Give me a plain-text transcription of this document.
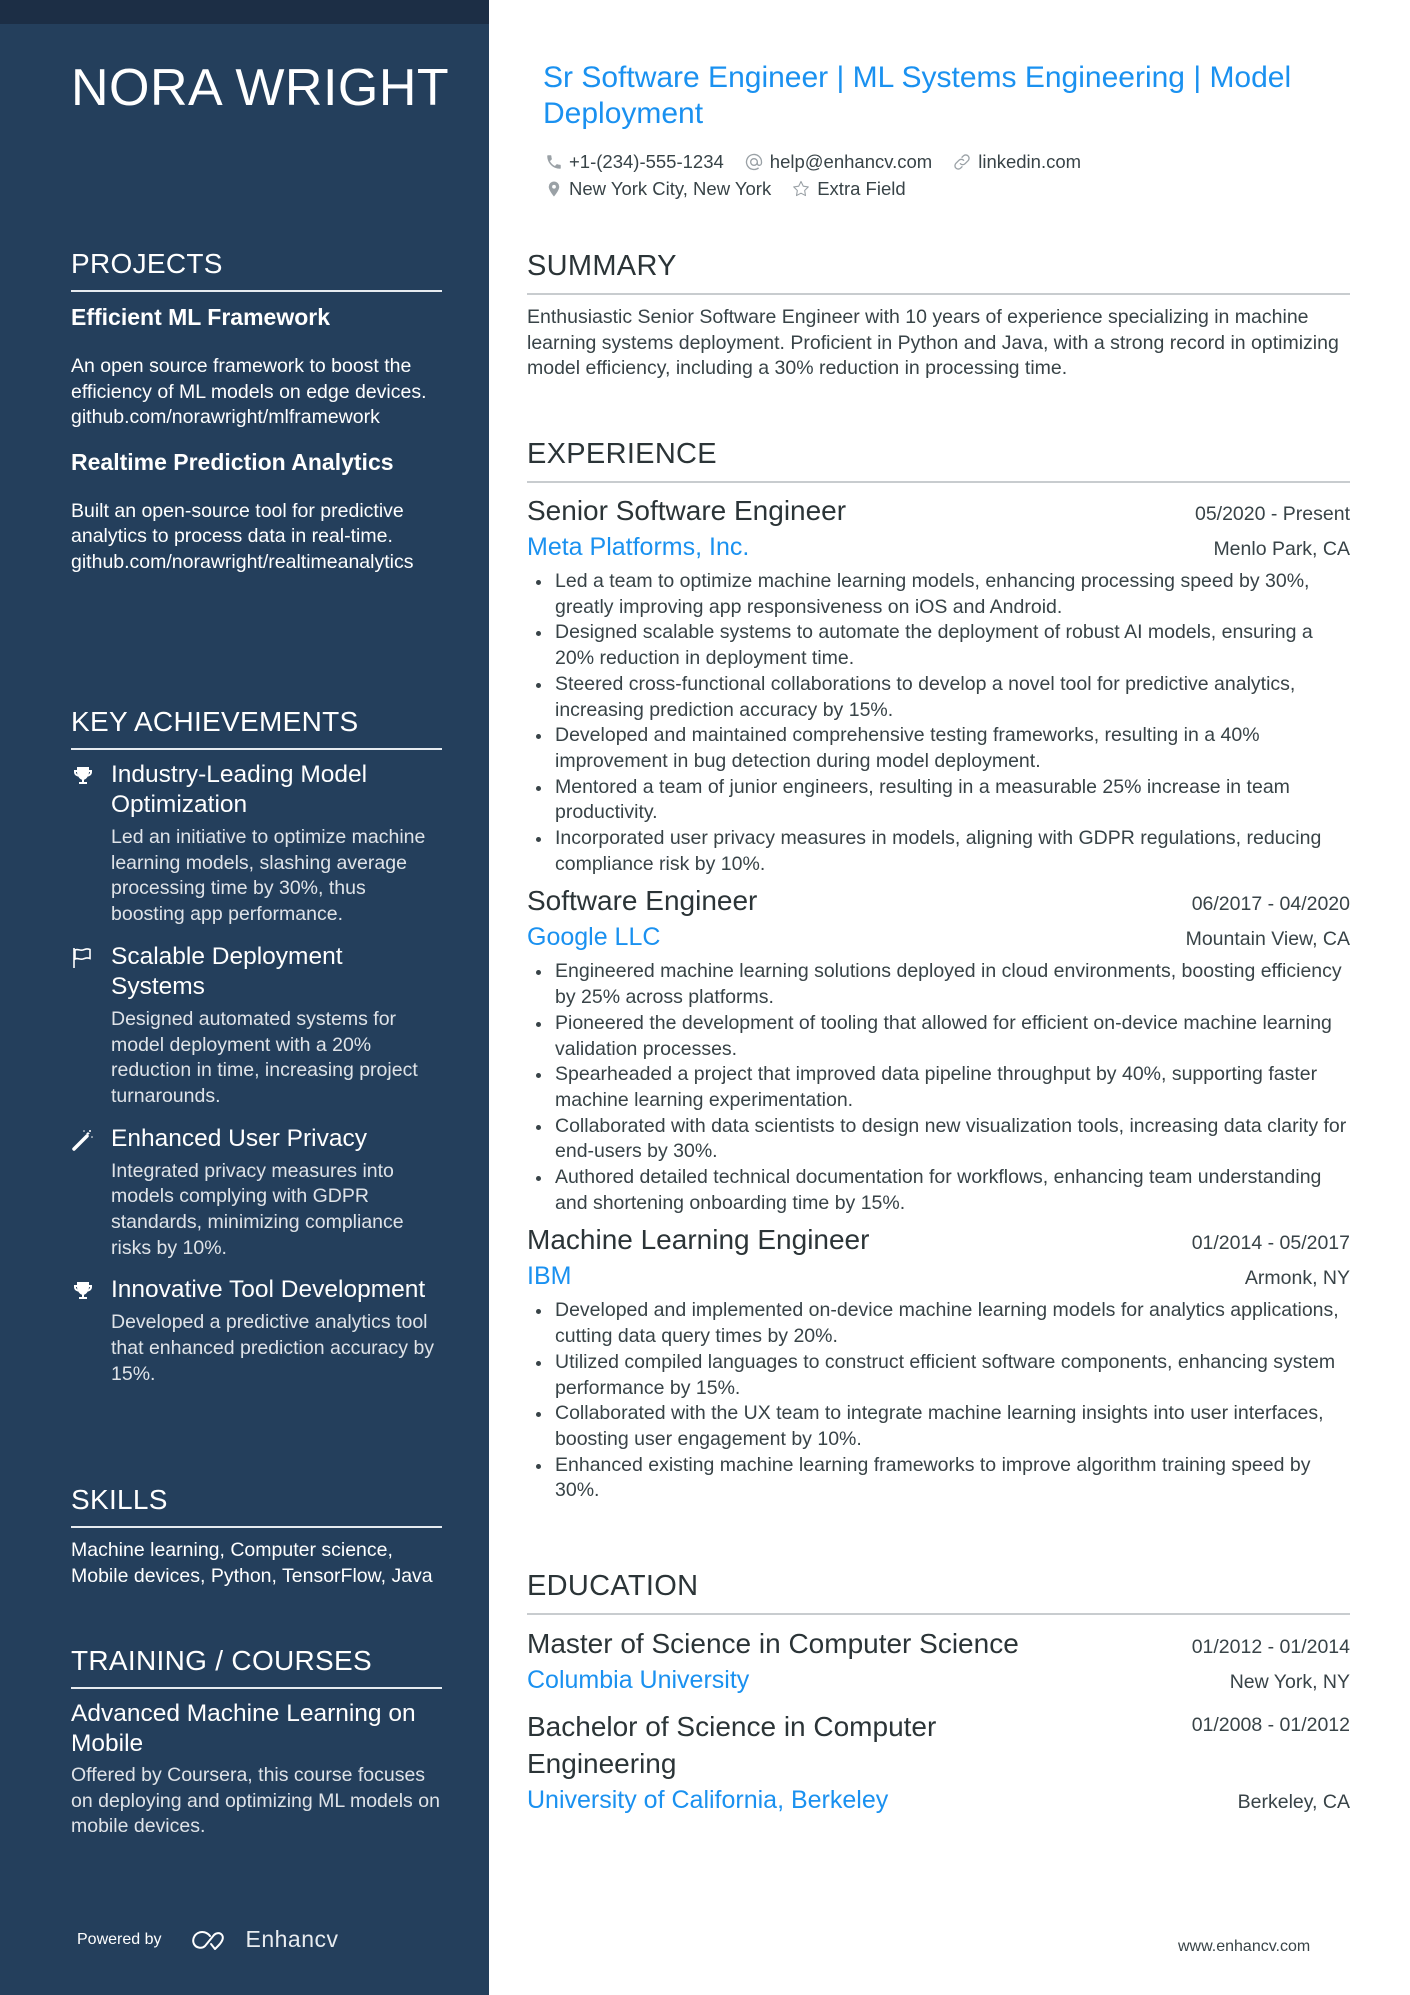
NORA WRIGHT
PROJECTS
Efficient ML Framework
An open source framework to boost the efficiency of ML models on edge devices.
github.com/norawright/mlframework
Realtime Prediction Analytics
Built an open-source tool for predictive analytics to process data in real-time.
github.com/norawright/realtimeanalytics
KEY ACHIEVEMENTS
Industry-Leading Model Optimization
Led an initiative to optimize machine learning models, slashing average processing time by 30%, thus boosting app performance.
Scalable Deployment Systems
Designed automated systems for model deployment with a 20% reduction in time, increasing project turnarounds.
Enhanced User Privacy
Integrated privacy measures into models complying with GDPR standards, minimizing compliance risks by 10%.
Innovative Tool Development
Developed a predictive analytics tool that enhanced prediction accuracy by 15%.
SKILLS
Machine learning, Computer science, Mobile devices, Python, TensorFlow, Java
TRAINING / COURSES
Advanced Machine Learning on Mobile
Offered by Coursera, this course focuses on deploying and optimizing ML models on mobile devices.
Powered by	Enhancv
Sr Software Engineer | ML Systems Engineering | Model Deployment
+1-(234)-555-1234 help@enhancv.com linkedin.com
New York City, New York Extra Field
SUMMARY
Enthusiastic Senior Software Engineer with 10 years of experience specializing in machine learning systems deployment. Proficient in Python and Java, with a strong record in optimizing model efficiency, including a 30% reduction in processing time.
EXPERIENCE
Senior Software Engineer	05/2020 - Present
Meta Platforms, Inc.	Menlo Park, CA
Led a team to optimize machine learning models, enhancing processing speed by 30%, greatly improving app responsiveness on iOS and Android.
Designed scalable systems to automate the deployment of robust AI models, ensuring a 20% reduction in deployment time.
Steered cross-functional collaborations to develop a novel tool for predictive analytics, increasing prediction accuracy by 15%.
Developed and maintained comprehensive testing frameworks, resulting in a 40% improvement in bug detection during model deployment.
Mentored a team of junior engineers, resulting in a measurable 25% increase in team productivity.
Incorporated user privacy measures in models, aligning with GDPR regulations, reducing compliance risk by 10%.
Software Engineer	06/2017 - 04/2020
Google LLC	Mountain View, CA
Engineered machine learning solutions deployed in cloud environments, boosting efficiency by 25% across platforms.
Pioneered the development of tooling that allowed for efficient on-device machine learning validation processes.
Spearheaded a project that improved data pipeline throughput by 40%, supporting faster machine learning experimentation.
Collaborated with data scientists to design new visualization tools, increasing data clarity for end-users by 30%.
Authored detailed technical documentation for workflows, enhancing team understanding and shortening onboarding time by 15%.
Machine Learning Engineer	01/2014 - 05/2017
IBM	Armonk, NY
Developed and implemented on-device machine learning models for analytics applications, cutting data query times by 20%.
Utilized compiled languages to construct efficient software components, enhancing system performance by 15%.
Collaborated with the UX team to integrate machine learning insights into user interfaces, boosting user engagement by 10%.
Enhanced existing machine learning frameworks to improve algorithm training speed by 30%.
EDUCATION
Master of Science in Computer Science	01/2012 - 01/2014
Columbia University	New York, NY
Bachelor of Science in Computer Engineering
01/2008 - 01/2012
University of California, Berkeley	Berkeley, CA
www.enhancv.com
